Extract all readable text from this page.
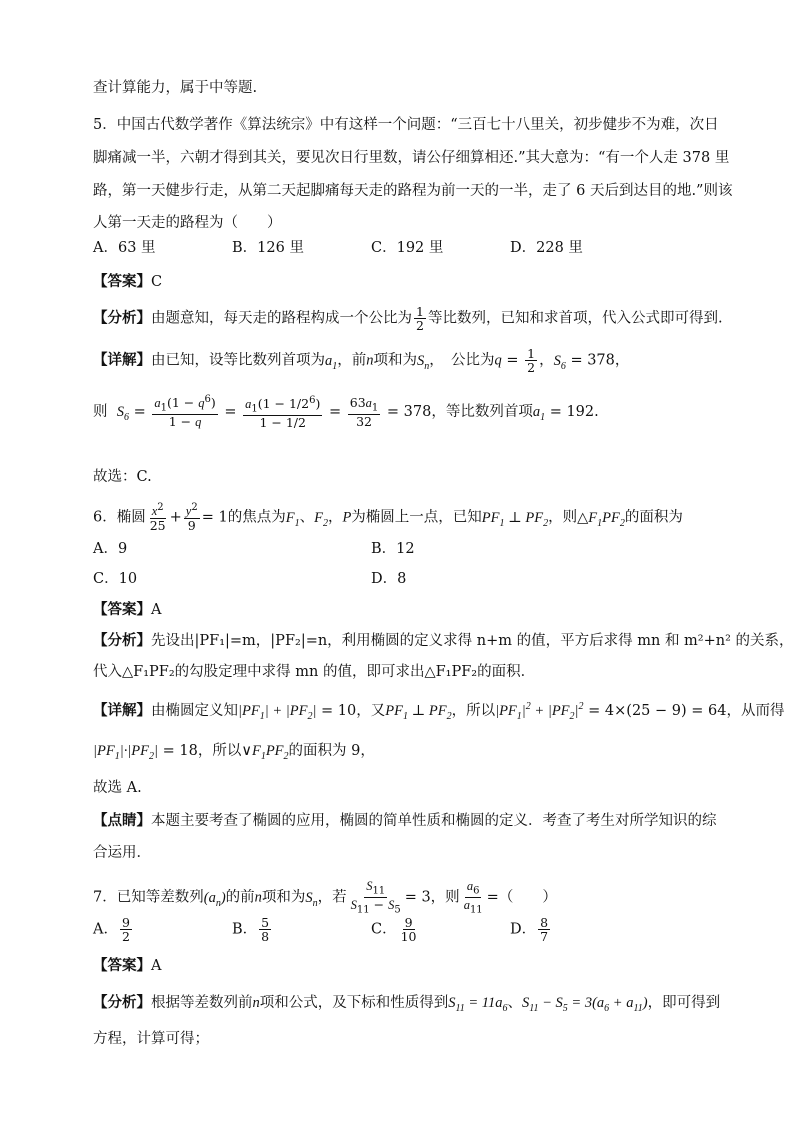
查计算能力，属于中等题.
5．中国古代数学著作《算法统宗》中有这样一个问题：“三百七十八里关，初步健步不为难，次日
脚痛减一半，六朝才得到其关，要见次日行里数，请公仔细算相还.”其大意为：“有一个人走 378 里
路，第一天健步行走，从第二天起脚痛每天走的路程为前一天的一半，走了 6 天后到达目的地.”则该
人第一天走的路程为（　　）
A．63 里	B．126 里	C．192 里	D．228 里
【答案】C
【分析】由题意知，每天走的路程构成一个公比为 $\frac{1}{2}$ 等比数列，已知和求首项，代入公式即可得到.
【详解】由已知，设等比数列首项为$a_1$，前n项和为$S_n$，　公比为$q = \frac{1}{2}$ ，$S_6 = 378$，
则 $S_6 = \frac{a_1(1 - q^6)}{1 - q} = \frac{a_1(1 - 1/2^6)}{1 - 1/2} = \frac{63a_1}{32} = 378$，等比数列首项$a_1 = 192$.
故选：C.
6．椭圆 $\frac{x^2}{25} + \frac{y^2}{9} = 1$的焦点为$F_1$、$F_2$，P为椭圆上一点，已知$PF_1$ ⊥ $PF_2$，则$\triangle F_1PF_2$的面积为
A．9	B．12
C．10	D．8
【答案】A
【分析】先设出|PF₁|=m，|PF₂|=n，利用椭圆的定义求得 n+m 的值，平方后求得 mn 和 m²+n² 的关系，
代入△F₁PF₂的勾股定理中求得 mn 的值，即可求出△F₁PF₂的面积．
【详解】由椭圆定义知$|PF_1| + |PF_2| = 10$，又$PF_1$ ⊥ $PF_2$，所以$|PF_1|^2 + |PF_2|^2 = 4\times(25 - 9) = 64$，从而得
$|PF_1|\cdot|PF_2| = 18$，所以$\vee F_1PF_2$的面积为 9，
故选 A.
【点睛】本题主要考查了椭圆的应用，椭圆的简单性质和椭圆的定义．考查了考生对所学知识的综
合运用．
7．已知等差数列$(a_n)$的前n项和为$S_n$，若 $\frac{S_{11}}{S_{11} - S_5} = 3$，则 $\frac{a_6}{a_{11}}$ =（　　）
A． $\frac{9}{2}$	B． $\frac{5}{8}$	C． $\frac{9}{10}$	D． $\frac{8}{7}$
【答案】A
【分析】根据等差数列前n项和公式，及下标和性质得到$S_{11} = 11a_6$、$S_{11} - S_5 = 3(a_6 + a_{11})$，即可得到
方程，计算可得；
